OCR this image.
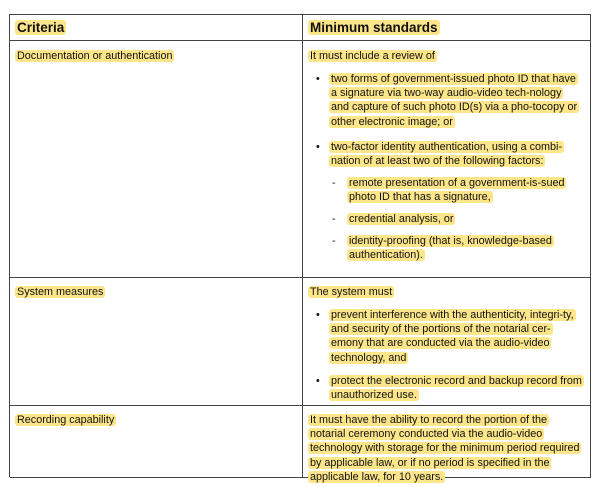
Criteria	Minimum standards
Documentation or authentication	It must include a review of
• two forms of government-issued photo ID that have a signature via two-way audio-video tech-nology and capture of such photo ID(s) via a pho-tocopy or other electronic image; or
• two-factor identity authentication, using a combi-nation of at least two of the following factors:
- remote presentation of a government-is-sued photo ID that has a signature,
- credential analysis, or
- identity-proofing (that is, knowledge-based authentication).
System measures	The system must
• prevent interference with the authenticity, integri-ty, and security of the portions of the notarial cer-emony that are conducted via the audio-video technology, and
• protect the electronic record and backup record from unauthorized use.
Recording capability	It must have the ability to record the portion of the notarial ceremony conducted via the audio-video technology with storage for the minimum period required by applicable law, or if no period is specified in the applicable law, for 10 years.
